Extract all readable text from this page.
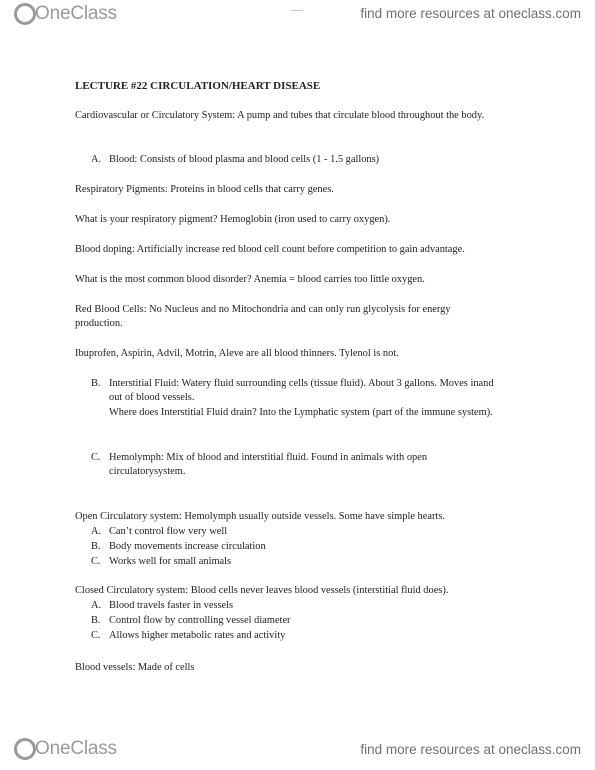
OneClass	find more resources at oneclass.com
LECTURE #22 CIRCULATION/HEART DISEASE
Cardiovascular or Circulatory System: A pump and tubes that circulate blood throughout the body.
A. Blood: Consists of blood plasma and blood cells (1 - 1.5 gallons)
Respiratory Pigments: Proteins in blood cells that carry genes.
What is your respiratory pigment? Hemoglobin (iron used to carry oxygen).
Blood doping: Artificially increase red blood cell count before competition to gain advantage.
What is the most common blood disorder? Anemia = blood carries too little oxygen.
Red Blood Cells: No Nucleus and no Mitochondria and can only run glycolysis for energy production.
Ibuprofen, Aspirin, Advil, Motrin, Aleve are all blood thinners. Tylenol is not.
B. Interstitial Fluid: Watery fluid surrounding cells (tissue fluid). About 3 gallons. Moves inand out of blood vessels.
Where does Interstitial Fluid drain? Into the Lymphatic system (part of the immune system).
C. Hemolymph: Mix of blood and interstitial fluid. Found in animals with open circulatorysystem.
Open Circulatory system: Hemolymph usually outside vessels. Some have simple hearts.
A. Can’t control flow very well
B. Body movements increase circulation
C. Works well for small animals
Closed Circulatory system: Blood cells never leaves blood vessels (interstitial fluid does).
A. Blood travels faster in vessels
B. Control flow by controlling vessel diameter
C. Allows higher metabolic rates and activity
Blood vessels: Made of cells
OneClass	find more resources at oneclass.com
